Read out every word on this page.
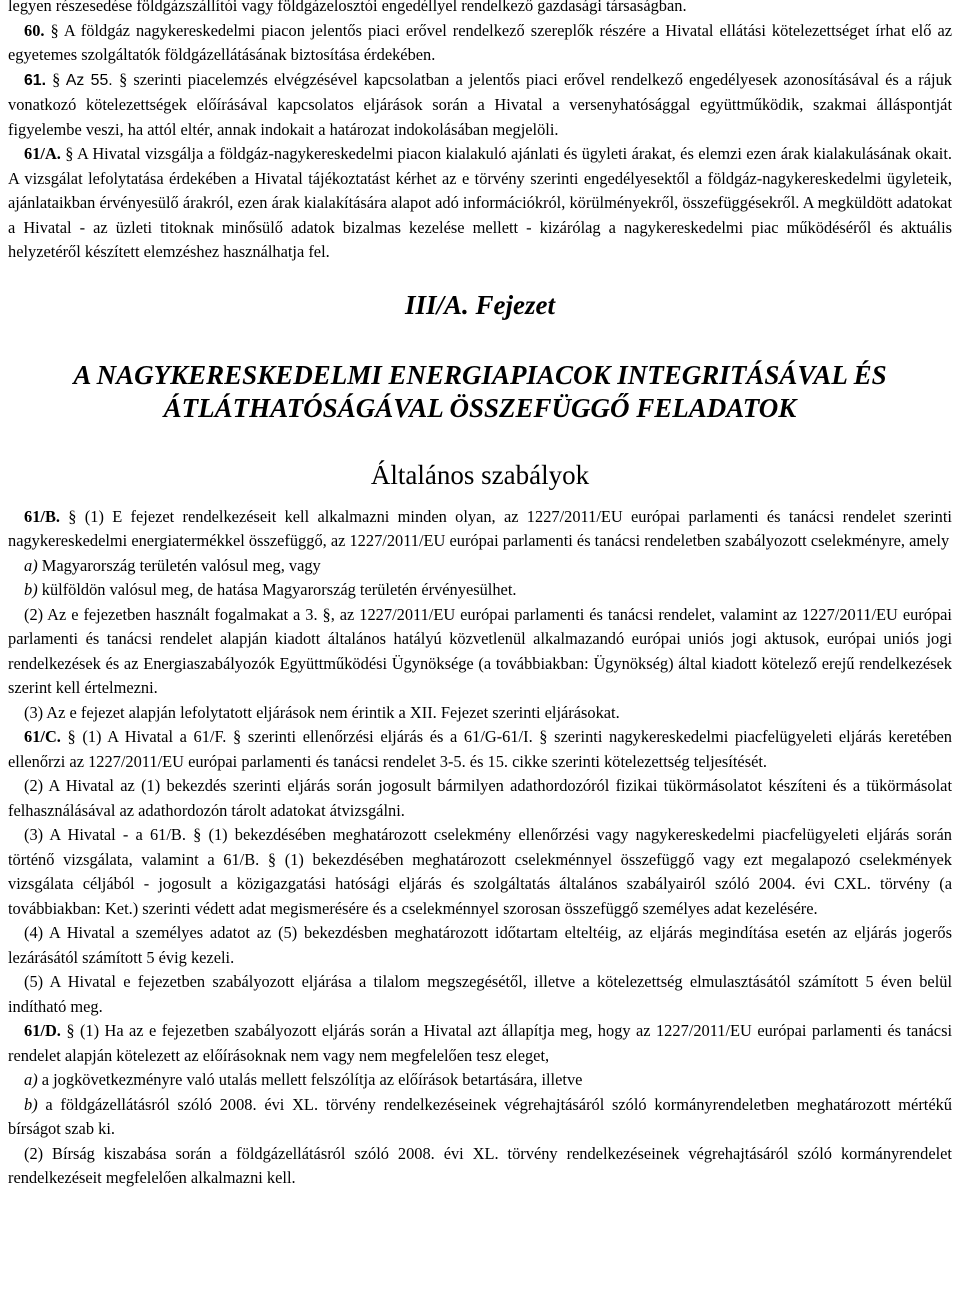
legyen részesedése földgázszállítói vagy földgázelosztói engedéllyel rendelkező gazdasági társaságban.

60. § A földgáz nagykereskedelmi piacon jelentős piaci erővel rendelkező szereplők részére a Hivatal ellátási kötelezettséget írhat elő az egyetemes szolgáltatók földgázellátásának biztosítása érdekében.

61. § Az 55. § szerinti piacelemzés elvégzésével kapcsolatban a jelentős piaci erővel rendelkező engedélyesek azonosításával és a rájuk vonatkozó kötelezettségek előírásával kapcsolatos eljárások során a Hivatal a versenyhatósággal együttműködik, szakmai álláspontját figyelembe veszi, ha attól eltér, annak indokait a határozat indokolásában megjelöli.

61/A. § A Hivatal vizsgálja a földgáz-nagykereskedelmi piacon kialakuló ajánlati és ügyleti árakat, és elemzi ezen árak kialakulásának okait. A vizsgálat lefolytatása érdekében a Hivatal tájékoztatást kérhet az e törvény szerinti engedélyesektől a földgáz-nagykereskedelmi ügyleteik, ajánlataikban érvényesülő árakról, ezen árak kialakítására alapot adó információkról, körülményekről, összefüggésekről. A megküldött adatokat a Hivatal - az üzleti titoknak minősülő adatok bizalmas kezelése mellett - kizárólag a nagykereskedelmi piac működéséről és aktuális helyzetéről készített elemzéshez használhatja fel.

III/A. Fejezet
A NAGYKERESKEDELMI ENERGIAPIACOK INTEGRITÁSÁVAL ÉS
ÁTLÁTHATÓSÁGÁVAL ÖSSZEFÜGGŐ FELADATOK
Általános szabályok

61/B. § (1) E fejezet rendelkezéseit kell alkalmazni minden olyan, az 1227/2011/EU európai parlamenti és tanácsi rendelet szerinti nagykereskedelmi energiatermékkel összefüggő, az 1227/2011/EU európai parlamenti és tanácsi rendeletben szabályozott cselekményre, amely

a) Magyarország területén valósul meg, vagy

b) külföldön valósul meg, de hatása Magyarország területén érvényesülhet.

(2) Az e fejezetben használt fogalmakat a 3. §, az 1227/2011/EU európai parlamenti és tanácsi rendelet, valamint az 1227/2011/EU európai parlamenti és tanácsi rendelet alapján kiadott általános hatályú közvetlenül alkalmazandó európai uniós jogi aktusok, európai uniós jogi rendelkezések és az Energiaszabályozók Együttműködési Ügynöksége (a továbbiakban: Ügynökség) által kiadott kötelező erejű rendelkezések szerint kell értelmezni.

(3) Az e fejezet alapján lefolytatott eljárások nem érintik a XII. Fejezet szerinti eljárásokat.

61/C. § (1) A Hivatal a 61/F. § szerinti ellenőrzési eljárás és a 61/G-61/I. § szerinti nagykereskedelmi piacfelügyeleti eljárás keretében ellenőrzi az 1227/2011/EU európai parlamenti és tanácsi rendelet 3-5. és 15. cikke szerinti kötelezettség teljesítését.

(2) A Hivatal az (1) bekezdés szerinti eljárás során jogosult bármilyen adathordozóról fizikai tükörmásolatot készíteni és a tükörmásolat felhasználásával az adathordozón tárolt adatokat átvizsgálni.

(3) A Hivatal - a 61/B. § (1) bekezdésében meghatározott cselekmény ellenőrzési vagy nagykereskedelmi piacfelügyeleti eljárás során történő vizsgálata, valamint a 61/B. § (1) bekezdésében meghatározott cselekménnyel összefüggő vagy ezt megalapozó cselekmények vizsgálata céljából - jogosult a közigazgatási hatósági eljárás és szolgáltatás általános szabályairól szóló 2004. évi CXL. törvény (a továbbiakban: Ket.) szerinti védett adat megismerésére és a cselekménnyel szorosan összefüggő személyes adat kezelésére.

(4) A Hivatal a személyes adatot az (5) bekezdésben meghatározott időtartam elteltéig, az eljárás megindítása esetén az eljárás jogerős lezárásától számított 5 évig kezeli.

(5) A Hivatal e fejezetben szabályozott eljárása a tilalom megszegésétől, illetve a kötelezettség elmulasztásától számított 5 éven belül indítható meg.

61/D. § (1) Ha az e fejezetben szabályozott eljárás során a Hivatal azt állapítja meg, hogy az 1227/2011/EU európai parlamenti és tanácsi rendelet alapján kötelezett az előírásoknak nem vagy nem megfelelően tesz eleget,

a) a jogkövetkezményre való utalás mellett felszólítja az előírások betartására, illetve

b) a földgázellátásról szóló 2008. évi XL. törvény rendelkezéseinek végrehajtásáról szóló kormányrendeletben meghatározott mértékű bírságot szab ki.

(2) Bírság kiszabása során a földgázellátásról szóló 2008. évi XL. törvény rendelkezéseinek végrehajtásáról szóló kormányrendelet rendelkezéseit megfelelően alkalmazni kell.
